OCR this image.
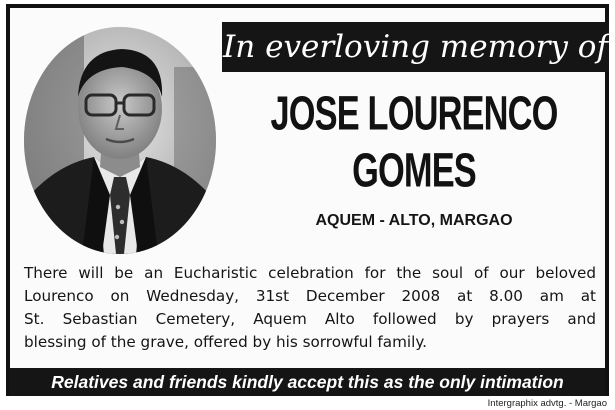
In everloving memory of
JOSE LOURENCO
GOMES
AQUEM - ALTO, MARGAO
There will be an Eucharistic celebration for the soul of our beloved
Lourenco on Wednesday, 31st December 2008 at 8.00 am at
St. Sebastian Cemetery, Aquem Alto followed by prayers and
blessing of the grave, offered by his sorrowful family.
Relatives and friends kindly accept this as the only intimation
Intergraphix advtg. - Margao
